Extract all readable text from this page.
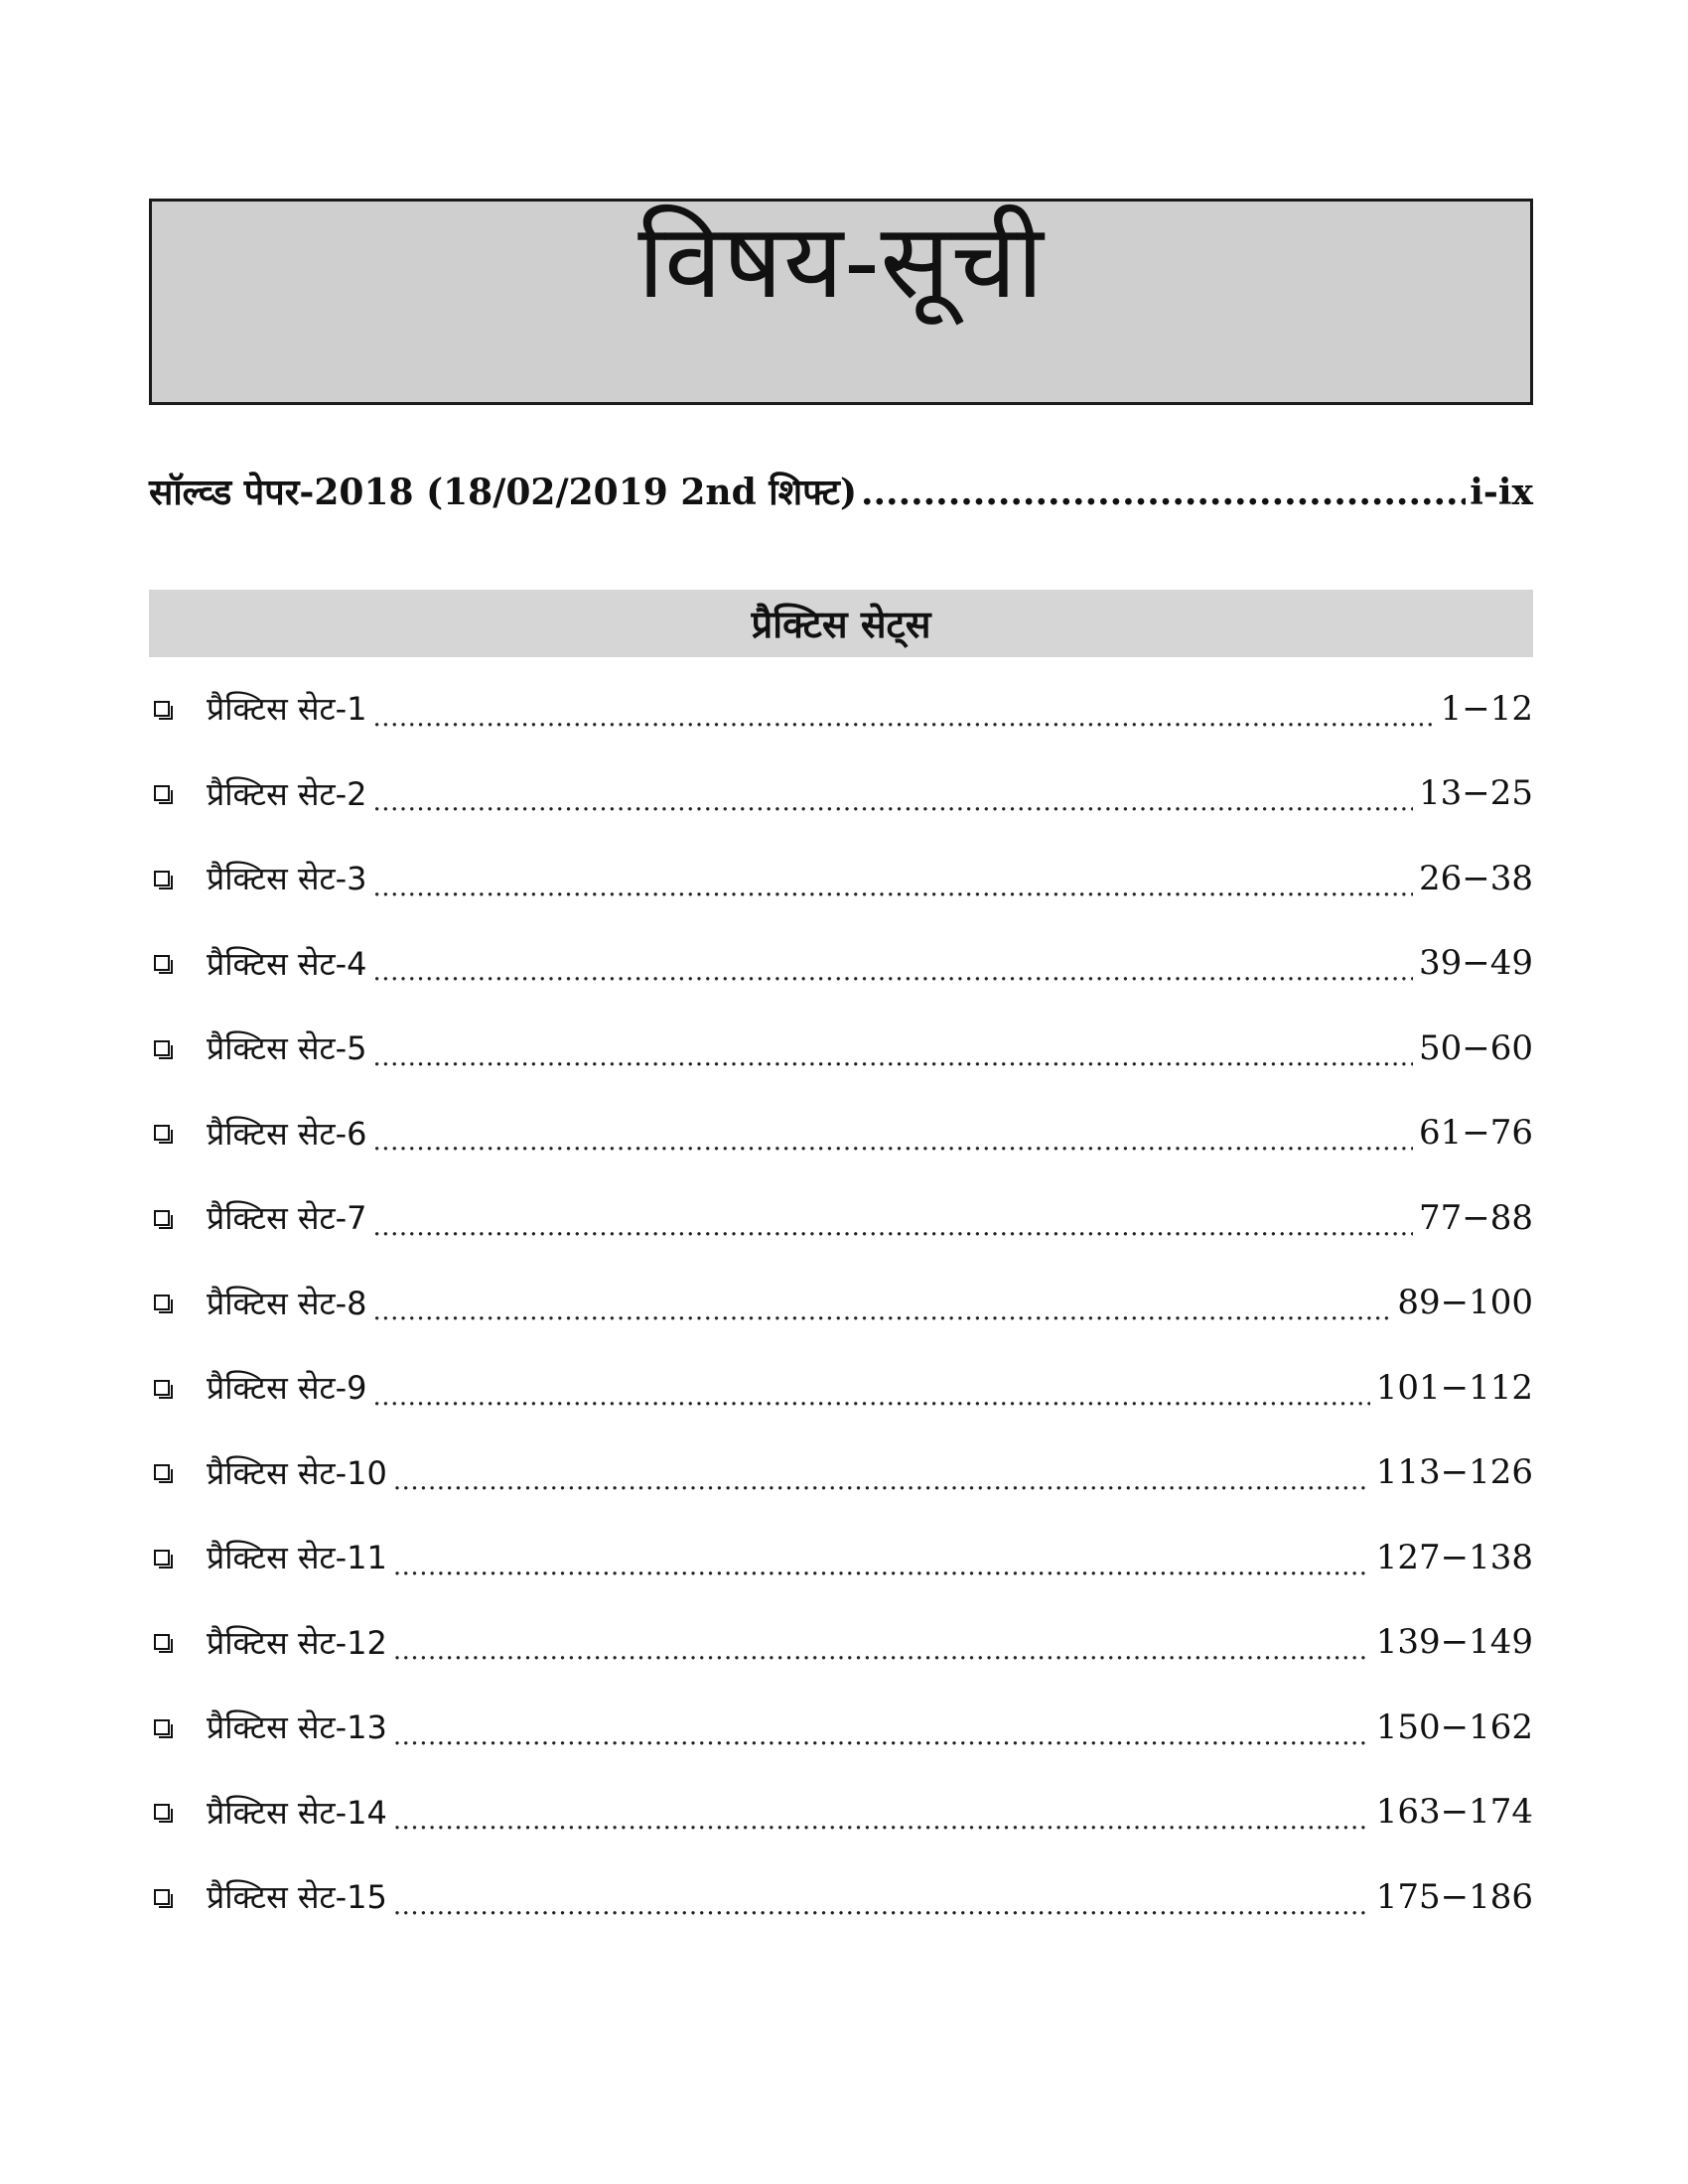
विषय-सूची
सॉल्व्ड पेपर-2018 (18/02/2019 2nd शिफ्ट) .....	i-ix
प्रैक्टिस सेट्स
प्रैक्टिस सेट-1 .....	1−12
प्रैक्टिस सेट-2 .....	13−25
प्रैक्टिस सेट-3 .....	26−38
प्रैक्टिस सेट-4 .....	39−49
प्रैक्टिस सेट-5 .....	50−60
प्रैक्टिस सेट-6 .....	61−76
प्रैक्टिस सेट-7 .....	77−88
प्रैक्टिस सेट-8 .....	89−100
प्रैक्टिस सेट-9 .....	101−112
प्रैक्टिस सेट-10 .....	113−126
प्रैक्टिस सेट-11 .....	127−138
प्रैक्टिस सेट-12 .....	139−149
प्रैक्टिस सेट-13 .....	150−162
प्रैक्टिस सेट-14 .....	163−174
प्रैक्टिस सेट-15 .....	175−186
